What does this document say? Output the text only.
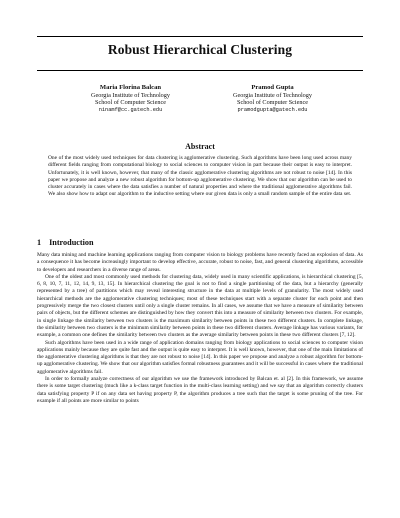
Robust Hierarchical Clustering
Maria Florina Balcan
Georgia Institute of Technology
School of Computer Science
ninamf@cc.gatech.edu
Pramod Gupta
Georgia Institute of Technology
School of Computer Science
pramodgupta@gatech.edu
Abstract

One of the most widely used techniques for data clustering is agglomerative clustering. Such algorithms have been long used across many different fields ranging from computational biology to social sciences to computer vision in part because their output is easy to interpret. Unfortunately, it is well known, however, that many of the classic agglomerative clustering algorithms are not robust to noise [14]. In this paper we propose and analyze a new robust algorithm for bottom-up agglomerative clustering. We show that our algorithm can be used to cluster accurately in cases where the data satisfies a number of natural properties and where the traditional agglomerative algorithms fail. We also show how to adapt our algorithm to the inductive setting where our given data is only a small random sample of the entire data set.

1 Introduction

Many data mining and machine learning applications ranging from computer vision to biology problems have recently faced an explosion of data. As a consequence it has become increasingly important to develop effective, accurate, robust to noise, fast, and general clustering algorithms, accessible to developers and researchers in a diverse range of areas.

One of the oldest and most commonly used methods for clustering data, widely used in many scientific applications, is hierarchical clustering [5, 6, 8, 10, 7, 11, 12, 14, 9, 13, 15]. In hierarchical clustering the goal is not to find a single partitioning of the data, but a hierarchy (generally represented by a tree) of partitions which may reveal interesting structure in the data at multiple levels of granularity. The most widely used hierarchical methods are the agglomerative clustering techniques; most of these techniques start with a separate cluster for each point and then progressively merge the two closest clusters until only a single cluster remains. In all cases, we assume that we have a measure of similarity between pairs of objects, but the different schemes are distinguished by how they convert this into a measure of similarity between two clusters. For example, in single linkage the similarity between two clusters is the maximum similarity between points in these two different clusters. In complete linkage, the similarity between two clusters is the minimum similarity between points in these two different clusters. Average linkage has various variants, for example, a common one defines the similarity between two clusters as the average similarity between points in these two different clusters [7, 12].

Such algorithms have been used in a wide range of application domains ranging from biology applications to social sciences to computer vision applications mainly because they are quite fast and the output is quite easy to interpret. It is well known, however, that one of the main limitations of the agglomerative clustering algorithms is that they are not robust to noise [14]. In this paper we propose and analyze a robust algorithm for bottom-up agglomerative clustering. We show that our algorithm satisfies formal robustness guarantees and it will be successful in cases where the traditional agglomerative algorithms fail.

In order to formally analyze correctness of our algorithm we use the framework introduced by Balcan et. al [2]. In this framework, we assume there is some target clustering (much like a k-class target function in the multi-class learning setting) and we say that an algorithm correctly clusters data satisfying property P if on any data set having property P, the algorithm produces a tree such that the target is some pruning of the tree. For example if all points are more similar to points
